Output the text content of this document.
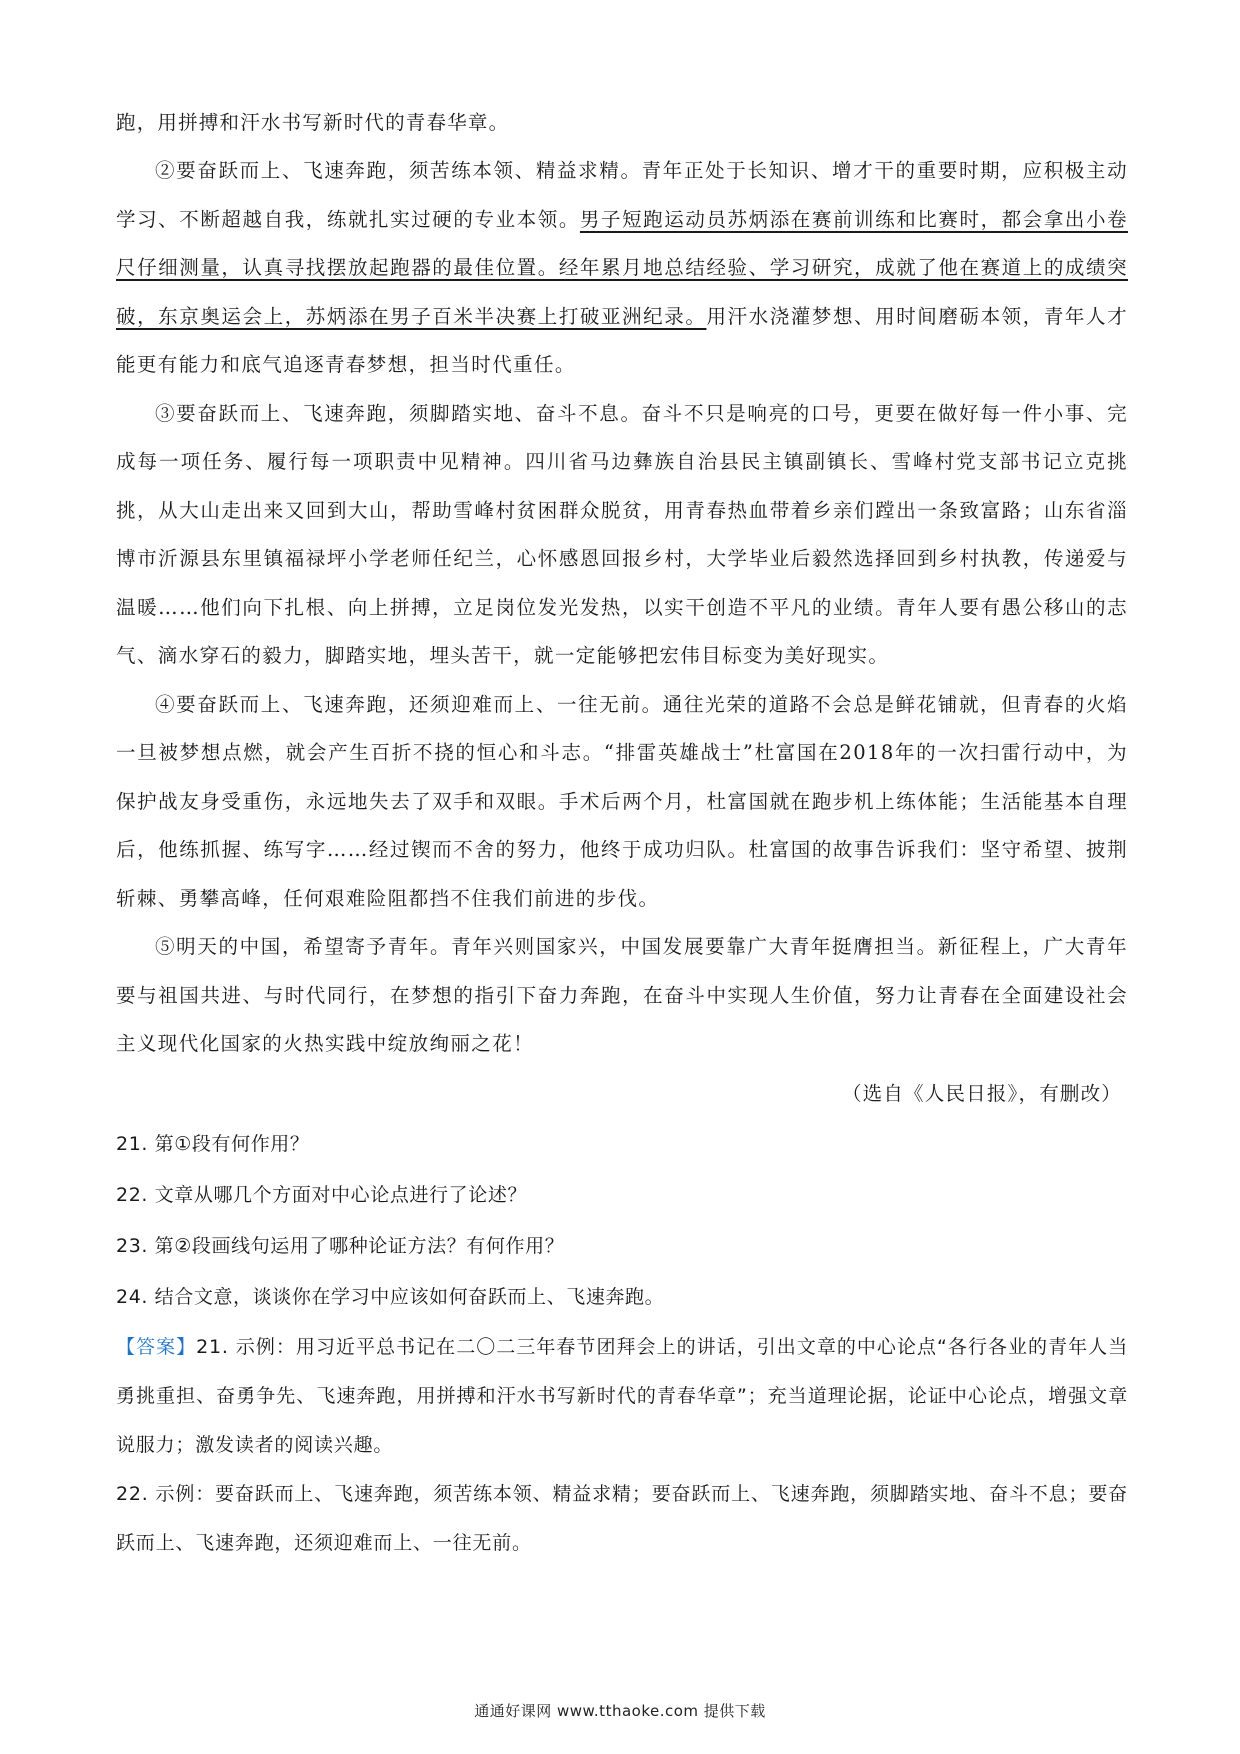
跑，用拼搏和汗水书写新时代的青春华章。

②要奋跃而上、飞速奔跑，须苦练本领、精益求精。青年正处于长知识、增才干的重要时期，应积极主动学习、不断超越自我，练就扎实过硬的专业本领。男子短跑运动员苏炳添在赛前训练和比赛时，都会拿出小卷尺仔细测量，认真寻找摆放起跑器的最佳位置。经年累月地总结经验、学习研究，成就了他在赛道上的成绩突破，东京奥运会上，苏炳添在男子百米半决赛上打破亚洲纪录。用汗水浇灌梦想、用时间磨砺本领，青年人才能更有能力和底气追逐青春梦想，担当时代重任。

③要奋跃而上、飞速奔跑，须脚踏实地、奋斗不息。奋斗不只是响亮的口号，更要在做好每一件小事、完成每一项任务、履行每一项职责中见精神。四川省马边彝族自治县民主镇副镇长、雪峰村党支部书记立克挑挑，从大山走出来又回到大山，帮助雪峰村贫困群众脱贫，用青春热血带着乡亲们蹚出一条致富路；山东省淄博市沂源县东里镇福禄坪小学老师任纪兰，心怀感恩回报乡村，大学毕业后毅然选择回到乡村执教，传递爱与温暖……他们向下扎根、向上拼搏，立足岗位发光发热，以实干创造不平凡的业绩。青年人要有愚公移山的志气、滴水穿石的毅力，脚踏实地，埋头苦干，就一定能够把宏伟目标变为美好现实。

④要奋跃而上、飞速奔跑，还须迎难而上、一往无前。通往光荣的道路不会总是鲜花铺就，但青春的火焰一旦被梦想点燃，就会产生百折不挠的恒心和斗志。“排雷英雄战士”杜富国在2018年的一次扫雷行动中，为保护战友身受重伤，永远地失去了双手和双眼。手术后两个月，杜富国就在跑步机上练体能；生活能基本自理后，他练抓握、练写字……经过锲而不舍的努力，他终于成功归队。杜富国的故事告诉我们：坚守希望、披荆斩棘、勇攀高峰，任何艰难险阻都挡不住我们前进的步伐。

⑤明天的中国，希望寄予青年。青年兴则国家兴，中国发展要靠广大青年挺膺担当。新征程上，广大青年要与祖国共进、与时代同行，在梦想的指引下奋力奔跑，在奋斗中实现人生价值，努力让青春在全面建设社会主义现代化国家的火热实践中绽放绚丽之花！

（选自《人民日报》，有删改）
21. 第①段有何作用？
22. 文章从哪几个方面对中心论点进行了论述？
23. 第②段画线句运用了哪种论证方法？有何作用？
24. 结合文意，谈谈你在学习中应该如何奋跃而上、飞速奔跑。

【答案】21. 示例：用习近平总书记在二〇二三年春节团拜会上的讲话，引出文章的中心论点“各行各业的青年人当勇挑重担、奋勇争先、飞速奔跑，用拼搏和汗水书写新时代的青春华章”；充当道理论据，论证中心论点，增强文章说服力；激发读者的阅读兴趣。

22. 示例：要奋跃而上、飞速奔跑，须苦练本领、精益求精；要奋跃而上、飞速奔跑，须脚踏实地、奋斗不息；要奋跃而上、飞速奔跑，还须迎难而上、一往无前。

通通好课网 www.tthaoke.com 提供下载
